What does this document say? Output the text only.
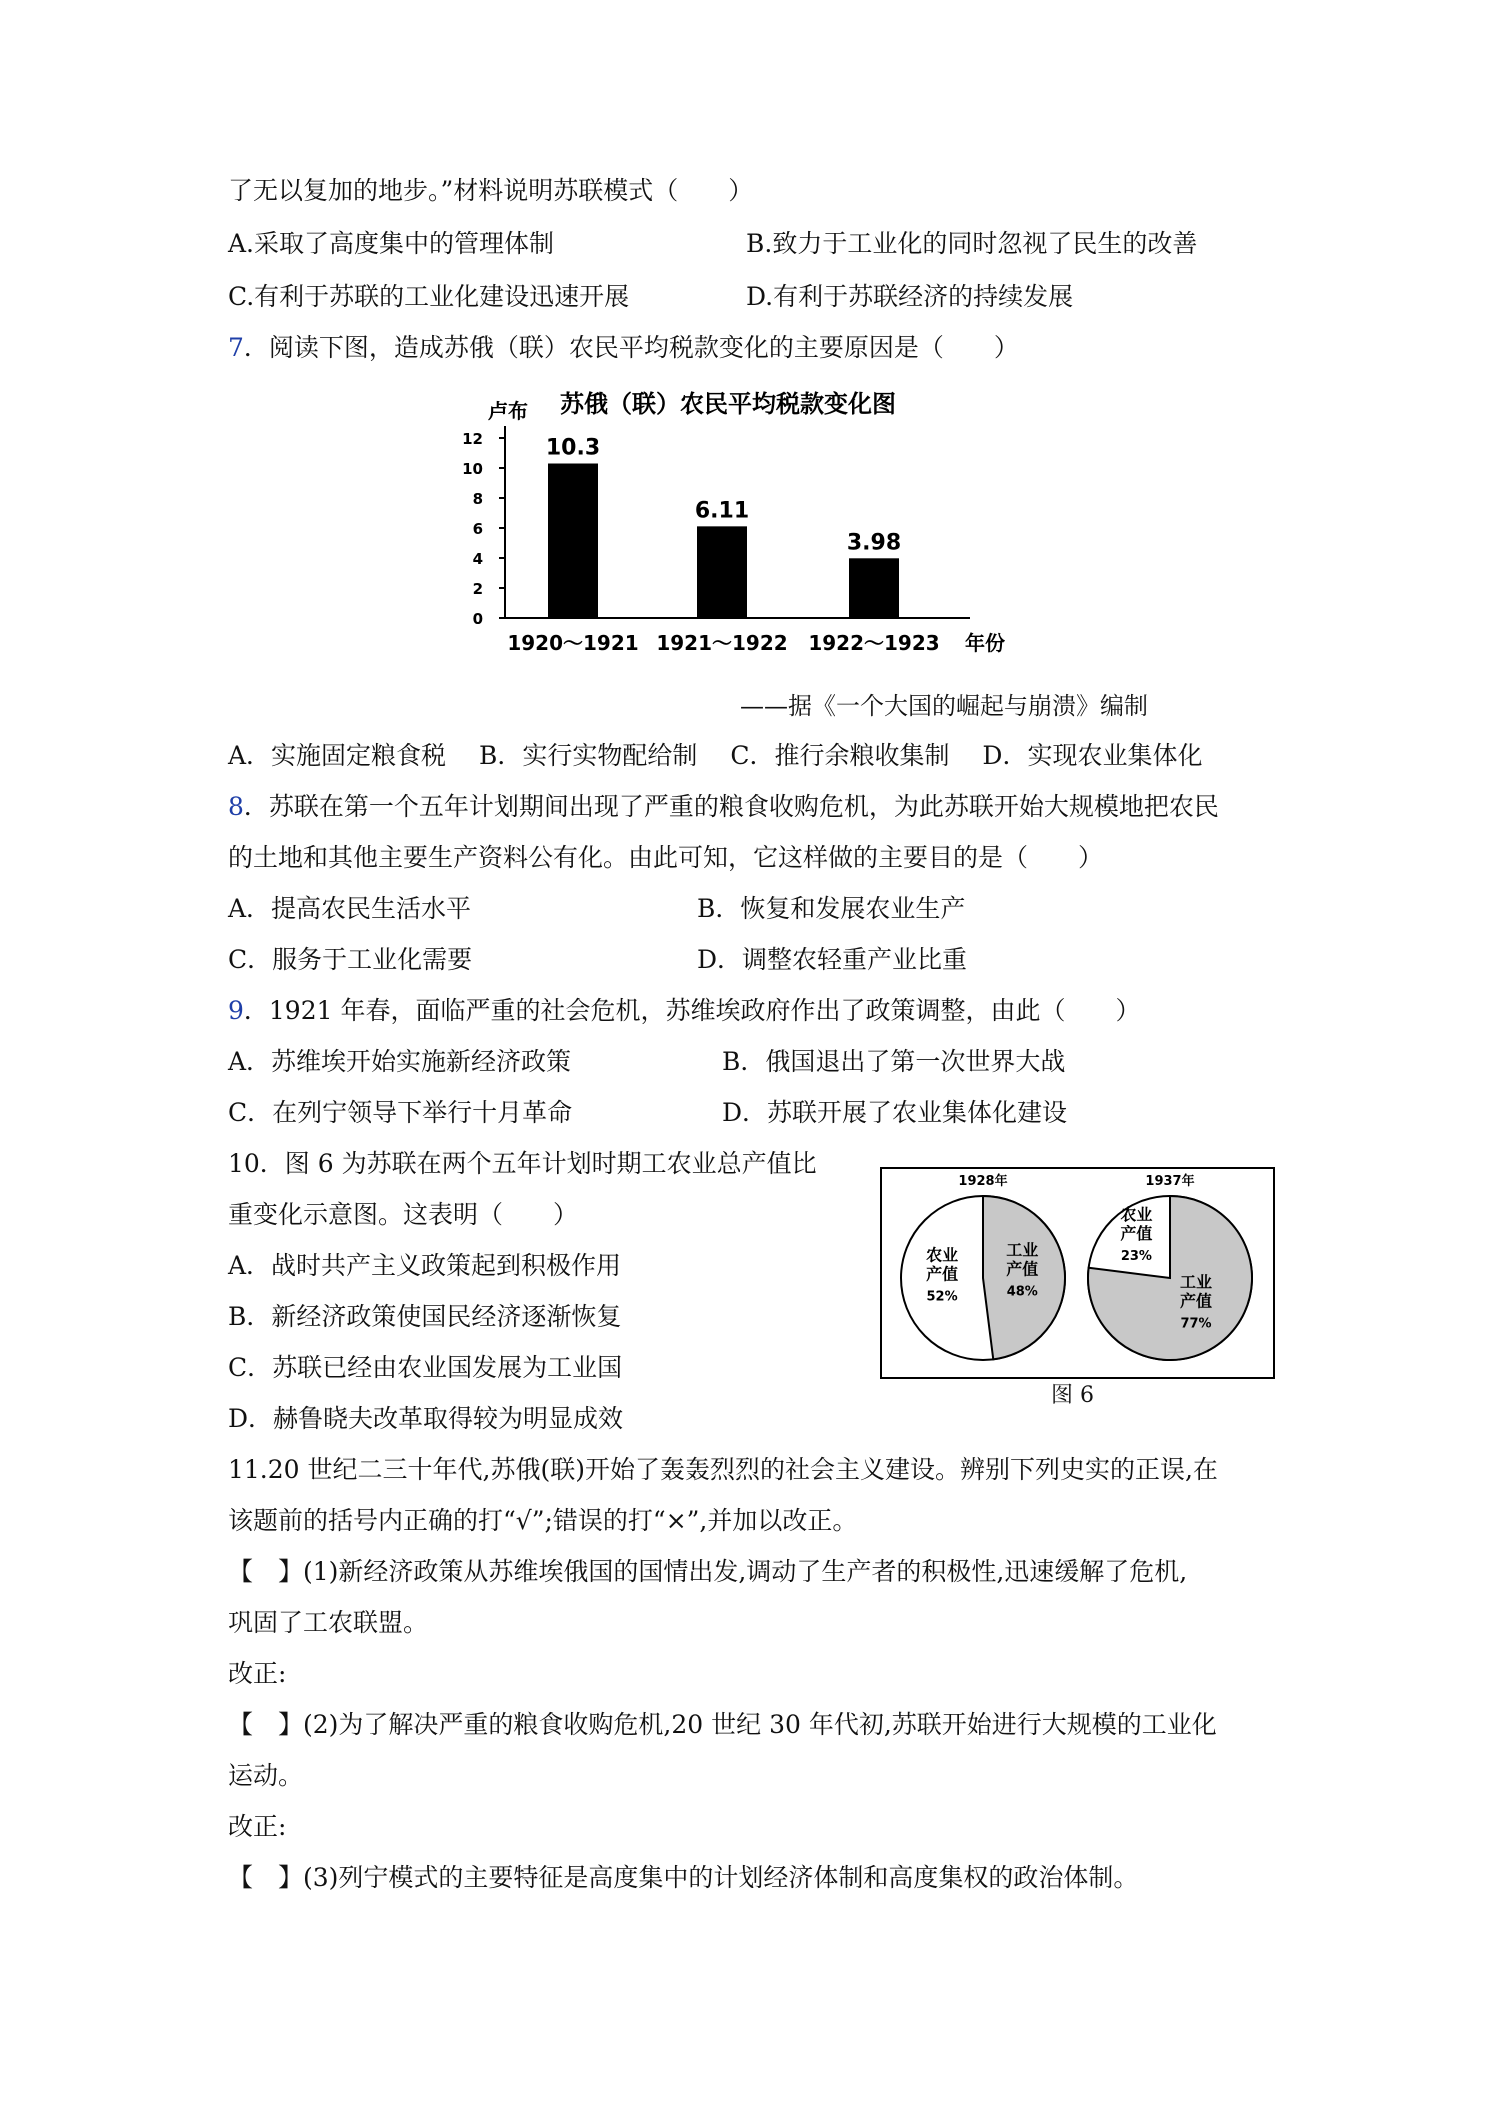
了无以复加的地步。”材料说明苏联模式（　　）
A.采取了高度集中的管理体制	B.致力于工业化的同时忽视了民生的改善
C.有利于苏联的工业化建设迅速开展	D.有利于苏联经济的持续发展
7．阅读下图，造成苏俄（联）农民平均税款变化的主要原因是（　　）
苏俄（联）农民平均税款变化图
卢布
0
2
4
6
8
10
12	10.3
1920～1921
6.11
1921～1922
3.98
1922～1923 年份
——据《一个大国的崛起与崩溃》编制
A．实施固定粮食税　 B．实行实物配给制　 C．推行余粮收集制　 D．实现农业集体化
8．苏联在第一个五年计划期间出现了严重的粮食收购危机，为此苏联开始大规模地把农民
的土地和其他主要生产资料公有化。由此可知，它这样做的主要目的是（　　）
A．提高农民生活水平	B．恢复和发展农业生产
C．服务于工业化需要	D．调整农轻重产业比重
9．1921 年春，面临严重的社会危机，苏维埃政府作出了政策调整，由此（　　）
A．苏维埃开始实施新经济政策	B．俄国退出了第一次世界大战
C．在列宁领导下举行十月革命	D．苏联开展了农业集体化建设
10．图 6 为苏联在两个五年计划时期工农业总产值比
重变化示意图。这表明（　　）
A．战时共产主义政策起到积极作用
B．新经济政策使国民经济逐渐恢复
C．苏联已经由农业国发展为工业国
D．赫鲁晓夫改革取得较为明显成效
1928年
农业
产值
52%
工业
产值
48%
1937年
农业
产值
23%
工业
产值
77%
图 6
11.20 世纪二三十年代,苏俄(联)开始了轰轰烈烈的社会主义建设。辨别下列史实的正误,在
该题前的括号内正确的打“√”;错误的打“×”,并加以改正。
【　】(1)新经济政策从苏维埃俄国的国情出发,调动了生产者的积极性,迅速缓解了危机,
巩固了工农联盟。
改正:
【　】(2)为了解决严重的粮食收购危机,20 世纪 30 年代初,苏联开始进行大规模的工业化
运动。
改正:
【　】(3)列宁模式的主要特征是高度集中的计划经济体制和高度集权的政治体制。
